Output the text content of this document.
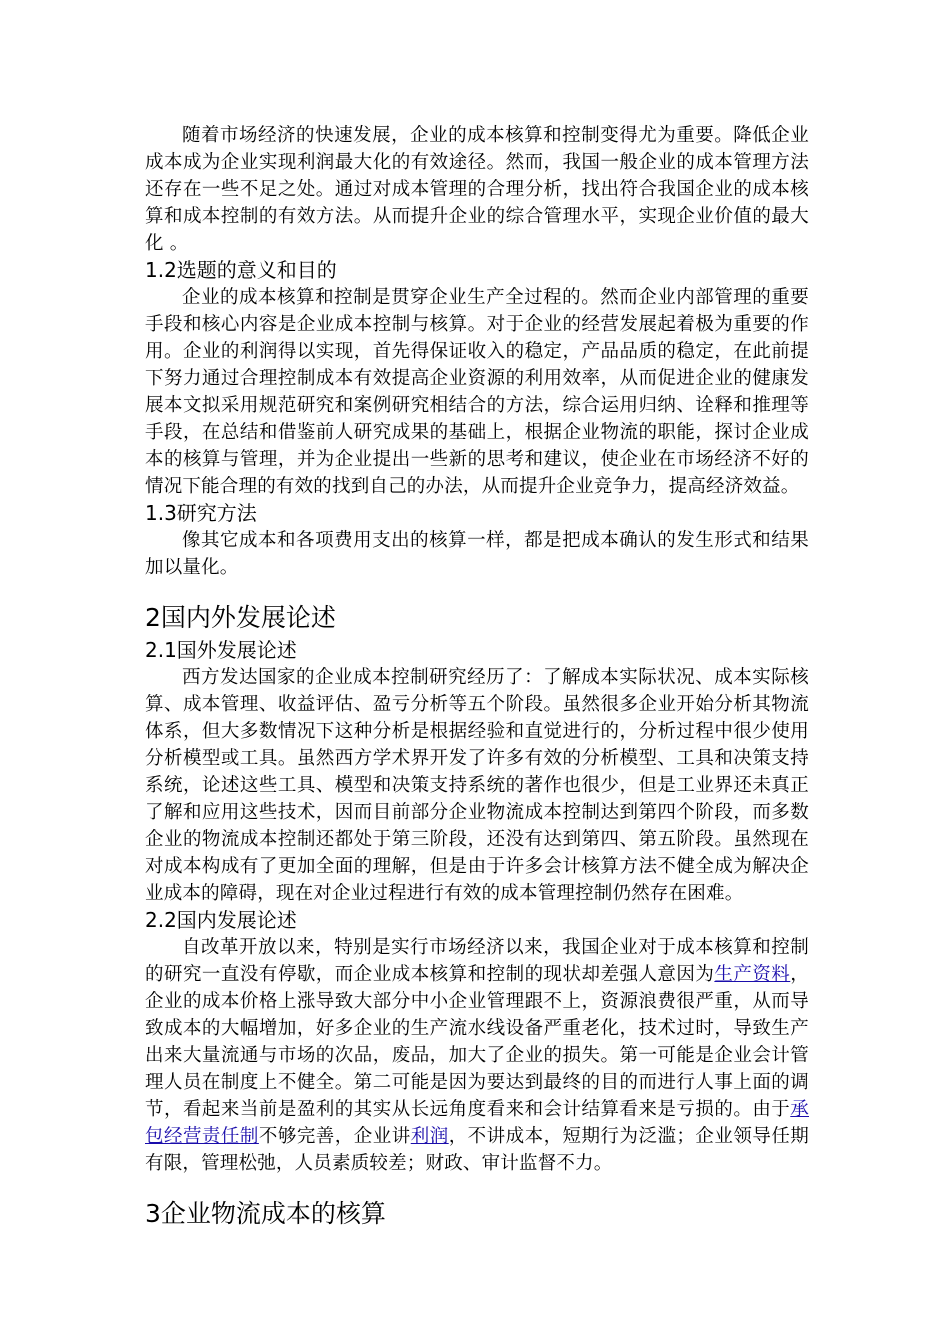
随着市场经济的快速发展，企业的成本核算和控制变得尤为重要。降低企业成本成为企业实现利润最大化的有效途径。然而，我国一般企业的成本管理方法还存在一些不足之处。通过对成本管理的合理分析，找出符合我国企业的成本核算和成本控制的有效方法。从而提升企业的综合管理水平，实现企业价值的最大化 。

1.2选题的意义和目的

企业的成本核算和控制是贯穿企业生产全过程的。然而企业内部管理的重要手段和核心内容是企业成本控制与核算。对于企业的经营发展起着极为重要的作用。企业的利润得以实现，首先得保证收入的稳定，产品品质的稳定，在此前提下努力通过合理控制成本有效提高企业资源的利用效率，从而促进企业的健康发展本文拟采用规范研究和案例研究相结合的方法，综合运用归纳、诠释和推理等手段，在总结和借鉴前人研究成果的基础上，根据企业物流的职能，探讨企业成本的核算与管理，并为企业提出一些新的思考和建议，使企业在市场经济不好的情况下能合理的有效的找到自己的办法，从而提升企业竞争力，提高经济效益。

1.3研究方法

像其它成本和各项费用支出的核算一样，都是把成本确认的发生形式和结果加以量化。

2国内外发展论述
2.1国外发展论述

西方发达国家的企业成本控制研究经历了：了解成本实际状况、成本实际核算、成本管理、收益评估、盈亏分析等五个阶段。虽然很多企业开始分析其物流体系，但大多数情况下这种分析是根据经验和直觉进行的，分析过程中很少使用分析模型或工具。虽然西方学术界开发了许多有效的分析模型、工具和决策支持系统，论述这些工具、模型和决策支持系统的著作也很少，但是工业界还未真正了解和应用这些技术，因而目前部分企业物流成本控制达到第四个阶段，而多数企业的物流成本控制还都处于第三阶段，还没有达到第四、第五阶段。虽然现在对成本构成有了更加全面的理解，但是由于许多会计核算方法不健全成为解决企业成本的障碍，现在对企业过程进行有效的成本管理控制仍然存在困难。

2.2国内发展论述

自改革开放以来，特别是实行市场经济以来，我国企业对于成本核算和控制的研究一直没有停歇，而企业成本核算和控制的现状却差强人意因为生产资料，企业的成本价格上涨导致大部分中小企业管理跟不上，资源浪费很严重，从而导致成本的大幅增加，好多企业的生产流水线设备严重老化，技术过时，导致生产出来大量流通与市场的次品，废品，加大了企业的损失。第一可能是企业会计管理人员在制度上不健全。第二可能是因为要达到最终的目的而进行人事上面的调节，看起来当前是盈利的其实从长远角度看来和会计结算看来是亏损的。由于承包经营责任制不够完善，企业讲利润，不讲成本，短期行为泛滥；企业领导任期有限，管理松弛，人员素质较差；财政、审计监督不力。

3企业物流成本的核算
